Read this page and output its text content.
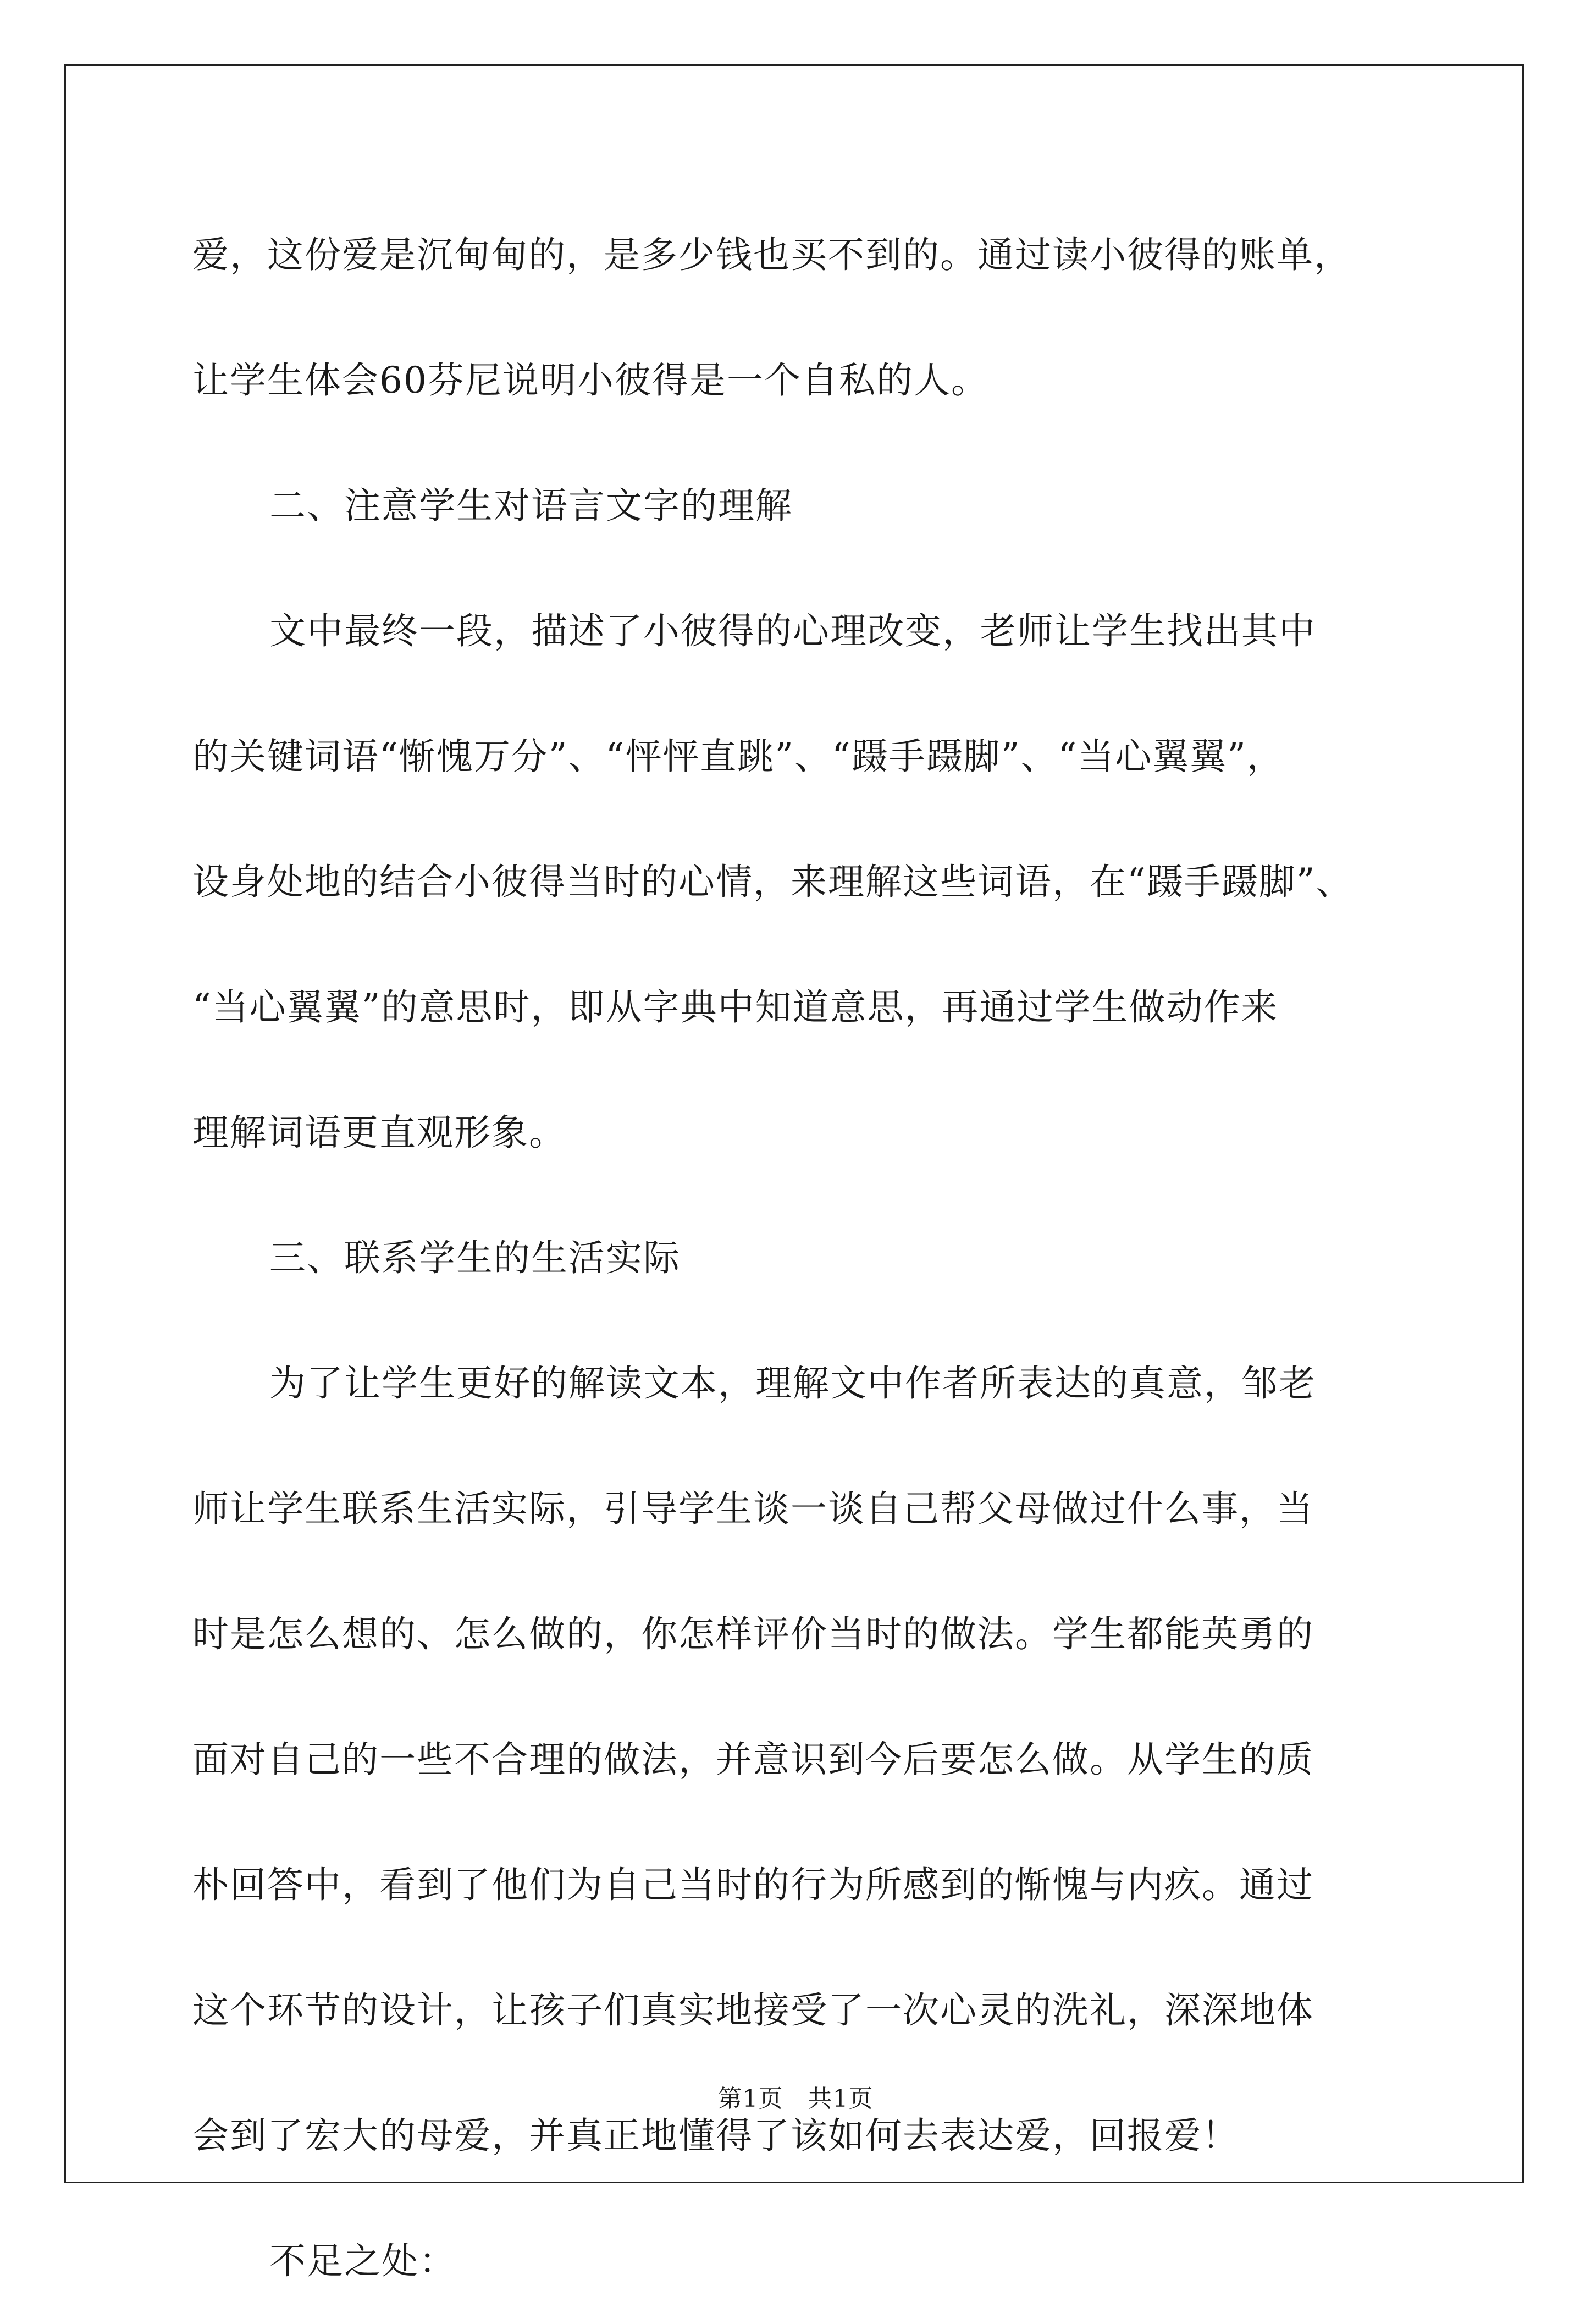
爱，这份爱是沉甸甸的，是多少钱也买不到的。通过读小彼得的账单，
让学生体会60芬尼说明小彼得是一个自私的人。
二、注意学生对语言文字的理解
文中最终一段，描述了小彼得的心理改变，老师让学生找出其中
的关键词语“惭愧万分”、“怦怦直跳”、“蹑手蹑脚”、“当心翼翼”，
设身处地的结合小彼得当时的心情，来理解这些词语，在“蹑手蹑脚”、
“当心翼翼”的意思时，即从字典中知道意思，再通过学生做动作来
理解词语更直观形象。
三、联系学生的生活实际
为了让学生更好的解读文本，理解文中作者所表达的真意，邹老
师让学生联系生活实际，引导学生谈一谈自己帮父母做过什么事，当
时是怎么想的、怎么做的，你怎样评价当时的做法。学生都能英勇的
面对自己的一些不合理的做法，并意识到今后要怎么做。从学生的质
朴回答中，看到了他们为自己当时的行为所感到的惭愧与内疚。通过
这个环节的设计，让孩子们真实地接受了一次心灵的洗礼，深深地体
会到了宏大的母爱，并真正地懂得了该如何去表达爱，回报爱！
不足之处：
第1页　共1页
